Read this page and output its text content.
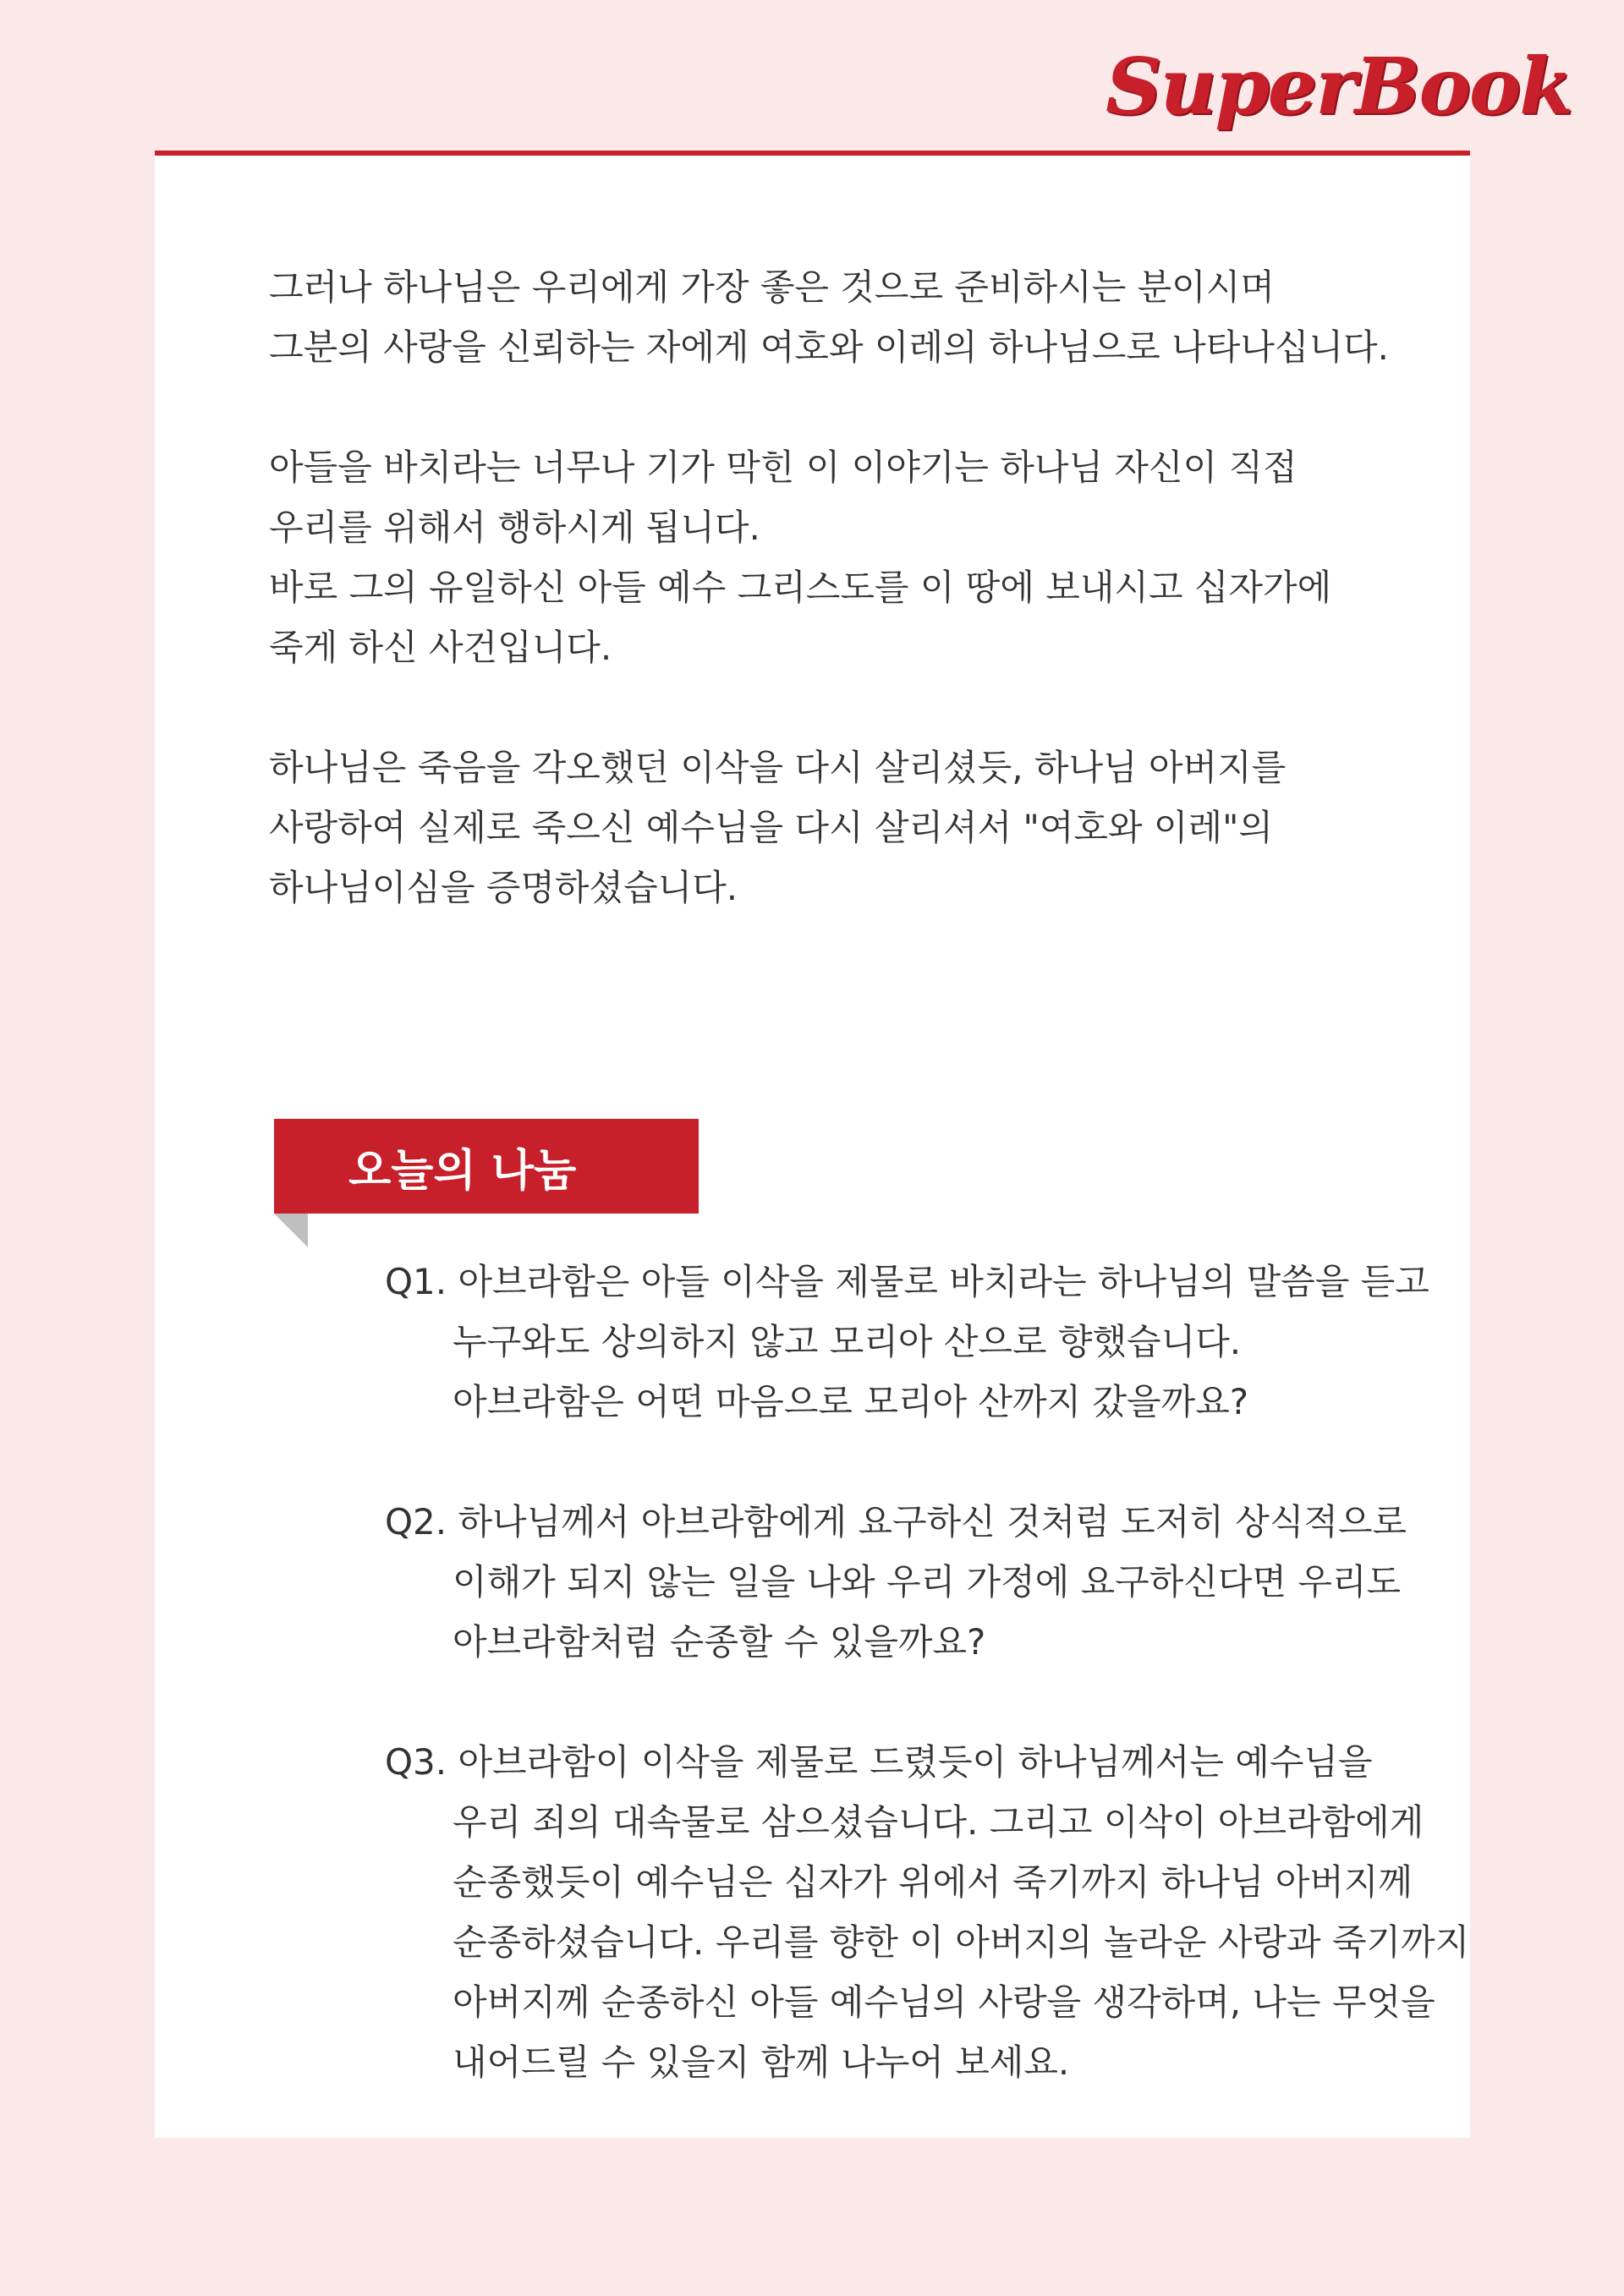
SuperBook

그러나 하나님은 우리에게 가장 좋은 것으로 준비하시는 분이시며
그분의 사랑을 신뢰하는 자에게 여호와 이레의 하나님으로 나타나십니다.

아들을 바치라는 너무나 기가 막힌 이 이야기는 하나님 자신이 직접
우리를 위해서 행하시게 됩니다.
바로 그의 유일하신 아들 예수 그리스도를 이 땅에 보내시고 십자가에
죽게 하신 사건입니다.

하나님은 죽음을 각오했던 이삭을 다시 살리셨듯, 하나님 아버지를
사랑하여 실제로 죽으신 예수님을 다시 살리셔서 "여호와 이레"의
하나님이심을 증명하셨습니다.

오늘의 나눔
Q1. 아브라함은 아들 이삭을 제물로 바치라는 하나님의 말씀을 듣고
누구와도 상의하지 않고 모리아 산으로 향했습니다.
아브라함은 어떤 마음으로 모리아 산까지 갔을까요?
Q2. 하나님께서 아브라함에게 요구하신 것처럼 도저히 상식적으로
이해가 되지 않는 일을 나와 우리 가정에 요구하신다면 우리도
아브라함처럼 순종할 수 있을까요?
Q3. 아브라함이 이삭을 제물로 드렸듯이 하나님께서는 예수님을
우리 죄의 대속물로 삼으셨습니다. 그리고 이삭이 아브라함에게
순종했듯이 예수님은 십자가 위에서 죽기까지 하나님 아버지께
순종하셨습니다. 우리를 향한 이 아버지의 놀라운 사랑과 죽기까지
아버지께 순종하신 아들 예수님의 사랑을 생각하며, 나는 무엇을
내어드릴 수 있을지 함께 나누어 보세요.
